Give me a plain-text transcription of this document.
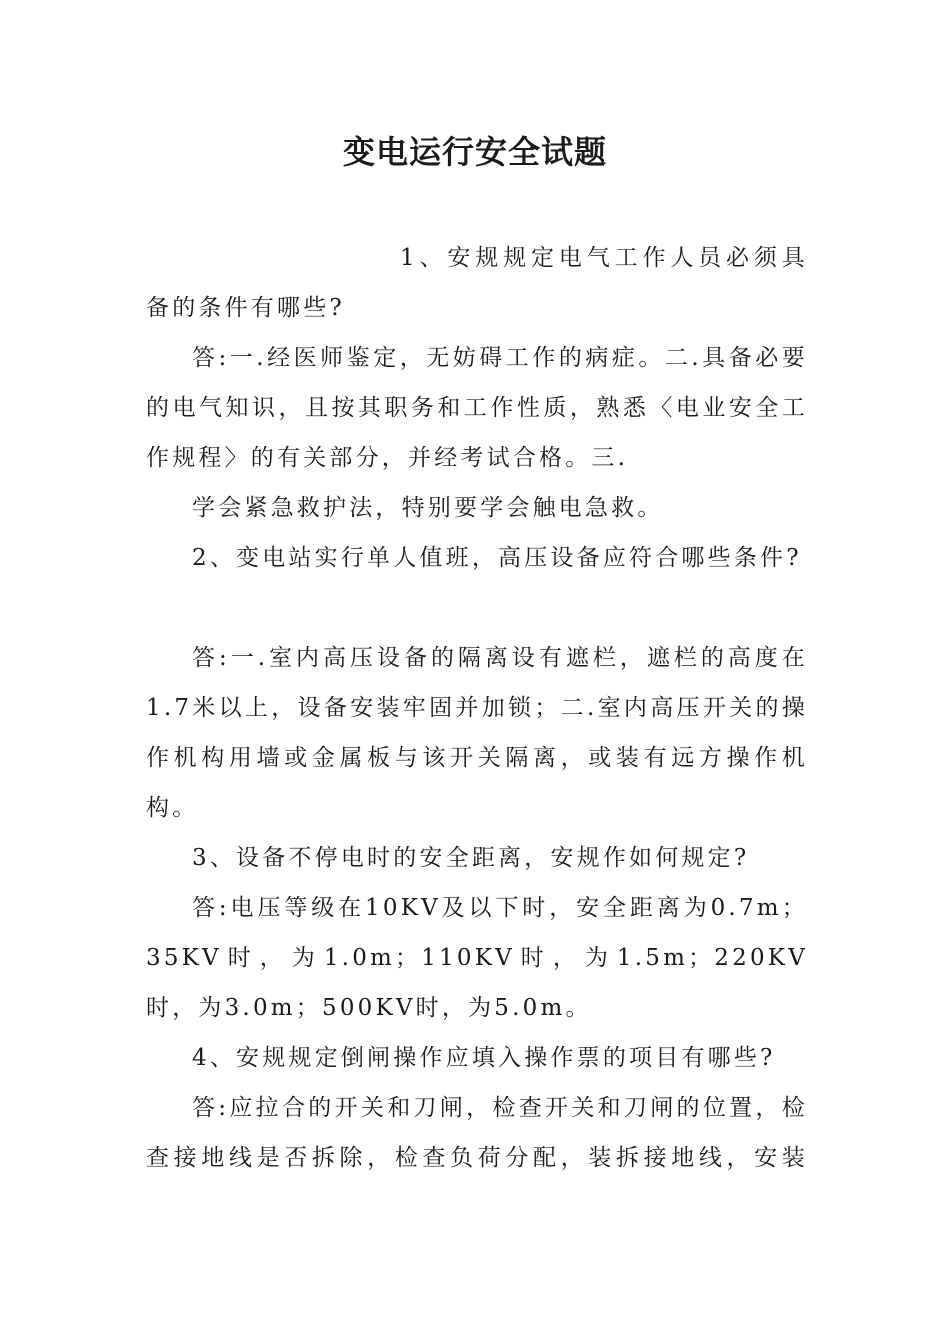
变电运行安全试题

1、安规规定电气工作人员必须具备的条件有哪些?

答:一.经医师鉴定，无妨碍工作的病症。二.具备必要的电气知识，且按其职务和工作性质，熟悉〈电业安全工作规程〉的有关部分，并经考试合格。三.

学会紧急救护法，特别要学会触电急救。

2、变电站实行单人值班，高压设备应符合哪些条件?

答:一.室内高压设备的隔离设有遮栏，遮栏的高度在1.7米以上，设备安装牢固并加锁；二.室内高压开关的操作机构用墙或金属板与该开关隔离，或装有远方操作机构。

3、设备不停电时的安全距离，安规作如何规定?

答:电压等级在10KV及以下时，安全距离为0.7m；35KV时，为1.0m；110KV时，为1.5m；220KV时，为3.0m；500KV时，为5.0m。

4、安规规定倒闸操作应填入操作票的项目有哪些?

答:应拉合的开关和刀闸，检查开关和刀闸的位置，检查接地线是否拆除，检查负荷分配，装拆接地线，安装
